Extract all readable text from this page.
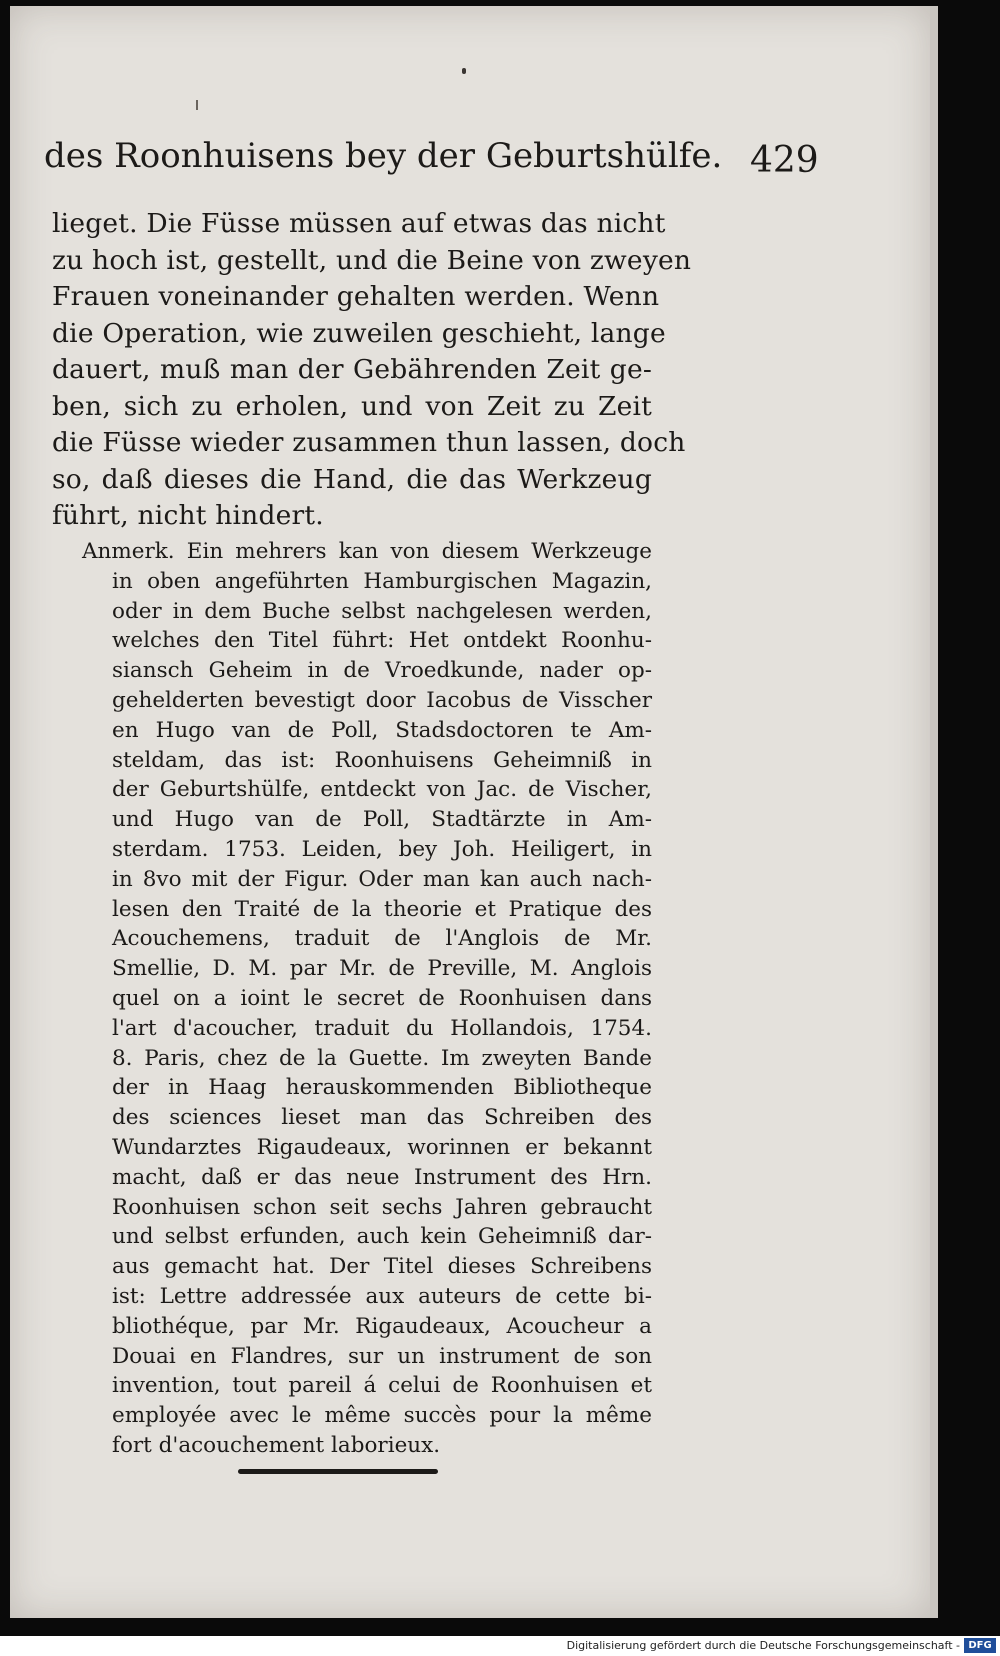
des Roonhuisens bey der Geburtshülfe. 429
lieget. Die Füsse müssen auf etwas das nicht
zu hoch ist, gestellt, und die Beine von zweyen
Frauen voneinander gehalten werden. Wenn
die Operation, wie zuweilen geschieht, lange
dauert, muß man der Gebährenden Zeit ge-
ben, sich zu erholen, und von Zeit zu Zeit
die Füsse wieder zusammen thun lassen, doch
so, daß dieses die Hand, die das Werkzeug
führt, nicht hindert.
Anmerk. Ein mehrers kan von diesem Werkzeuge
in oben angeführten Hamburgischen Magazin,
oder in dem Buche selbst nachgelesen werden,
welches den Titel führt: Het ontdekt Roonhu-
siansch Geheim in de Vroedkunde, nader op-
gehelderten bevestigt door Iacobus de Visscher
en Hugo van de Poll, Stadsdoctoren te Am-
steldam, das ist: Roonhuisens Geheimniß in
der Geburtshülfe, entdeckt von Jac. de Vischer,
und Hugo van de Poll, Stadtärzte in Am-
sterdam. 1753. Leiden, bey Joh. Heiligert, in
in 8vo mit der Figur. Oder man kan auch nach-
lesen den Traité de la theorie et Pratique des
Acouchemens, traduit de l'Anglois de Mr.
Smellie, D. M. par Mr. de Preville, M. Anglois
quel on a ioint le secret de Roonhuisen dans
l'art d'acoucher, traduit du Hollandois, 1754.
8. Paris, chez de la Guette. Im zweyten Bande
der in Haag herauskommenden Bibliotheque
des sciences lieset man das Schreiben des
Wundarztes Rigaudeaux, worinnen er bekannt
macht, daß er das neue Instrument des Hrn.
Roonhuisen schon seit sechs Jahren gebraucht
und selbst erfunden, auch kein Geheimniß dar-
aus gemacht hat. Der Titel dieses Schreibens
ist: Lettre addressée aux auteurs de cette bi-
bliothéque, par Mr. Rigaudeaux, Acoucheur a
Douai en Flandres, sur un instrument de son
invention, tout pareil á celui de Roonhuisen et
employée avec le même succès pour la même
fort d'acouchement laborieux.
Digitalisierung gefördert durch die Deutsche Forschungsgemeinschaft - DFG
